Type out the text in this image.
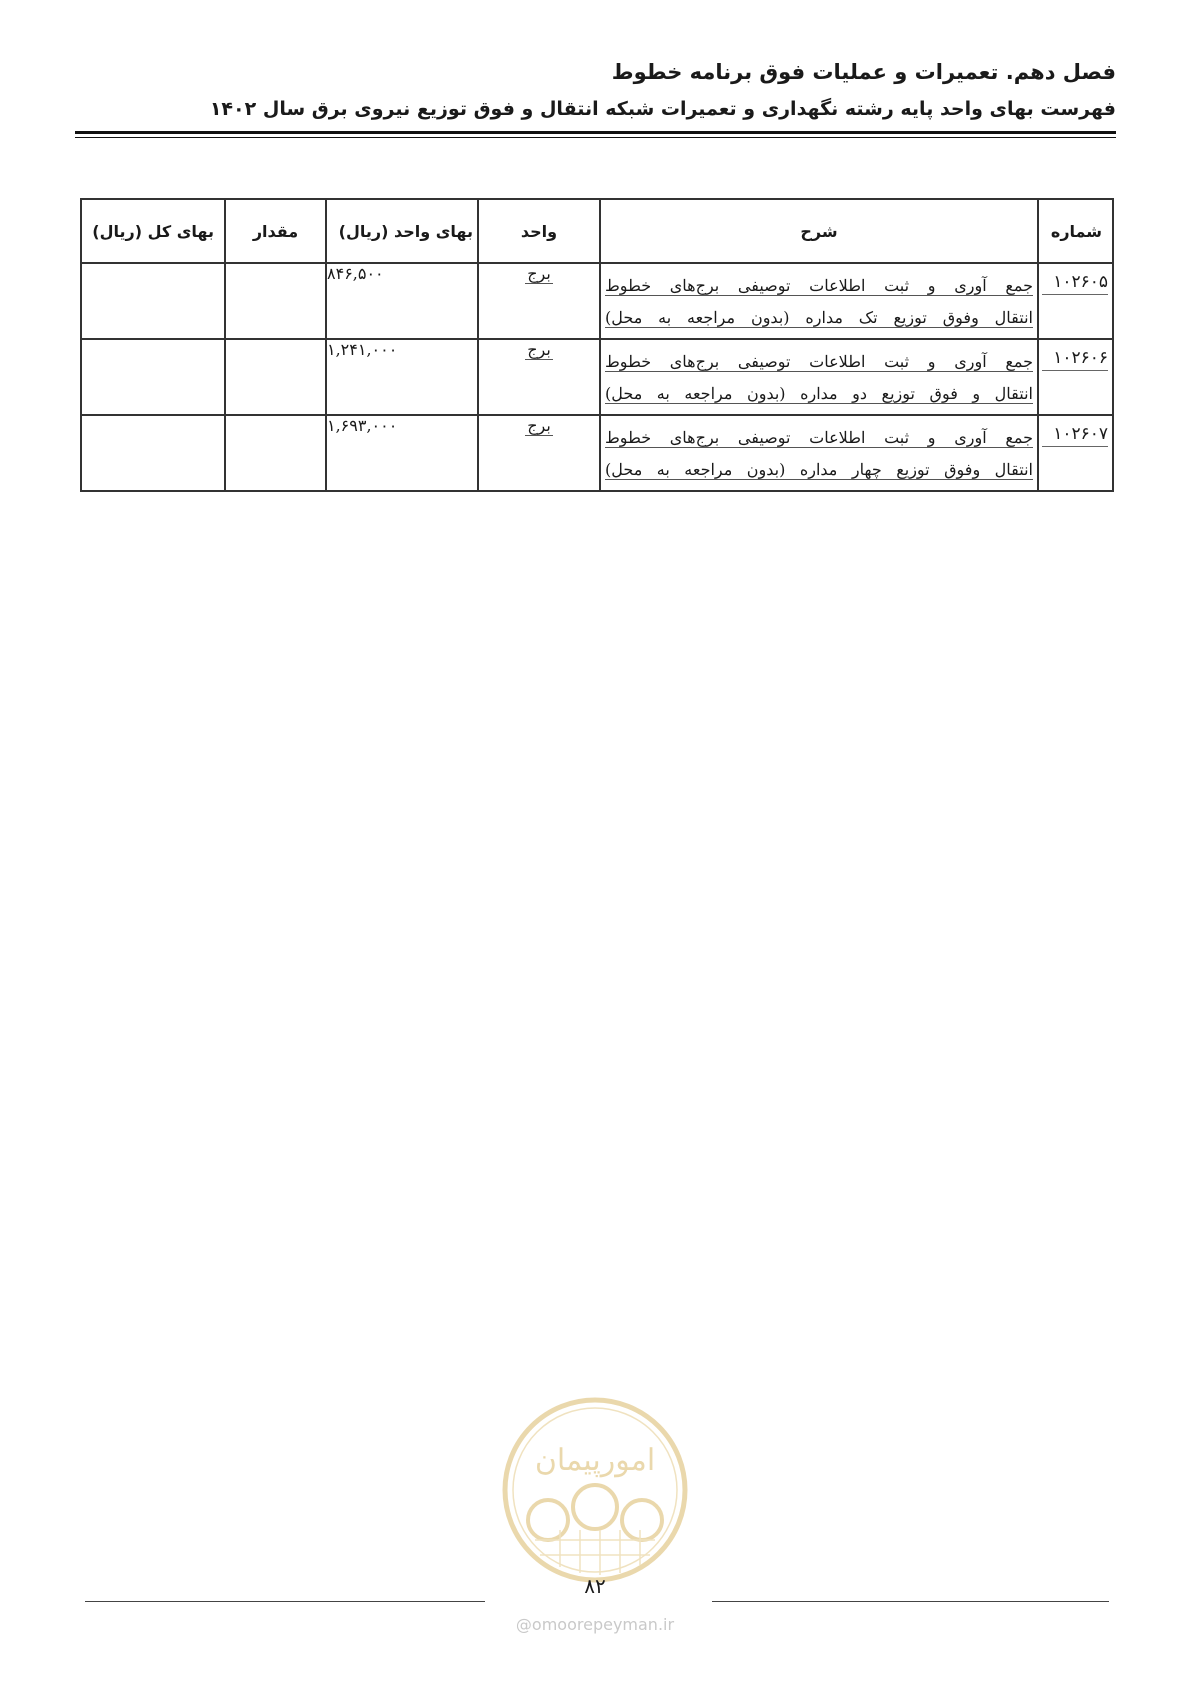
فصل دهم. تعمیرات و عملیات فوق برنامه خطوط
فهرست بهای واحد پایه رشته نگهداری و تعمیرات شبکه انتقال و فوق توزیع نیروی برق سال ۱۴۰۲
شماره	شرح	واحد	بهای واحد (ریال)	مقدار	بهای کل (ریال)

۱۰۲۶۰۵	جمع آوری و ثبت اطلاعات توصیفی برج‌های خطوط
انتقال وفوق توزیع تک مداره (بدون مراجعه به محل)	برج	۸۴۶,۵۰۰		

۱۰۲۶۰۶	جمع آوری و ثبت اطلاعات توصیفی برج‌های خطوط
انتقال و فوق توزیع دو مداره (بدون مراجعه به محل)	برج	۱,۲۴۱,۰۰۰		

۱۰۲۶۰۷	جمع آوری و ثبت اطلاعات توصیفی برج‌های خطوط
انتقال وفوق توزیع چهار مداره (بدون مراجعه به محل)	برج	۱,۶۹۳,۰۰۰		
امورپیمان
۸۲
@omoorepeyman.ir
